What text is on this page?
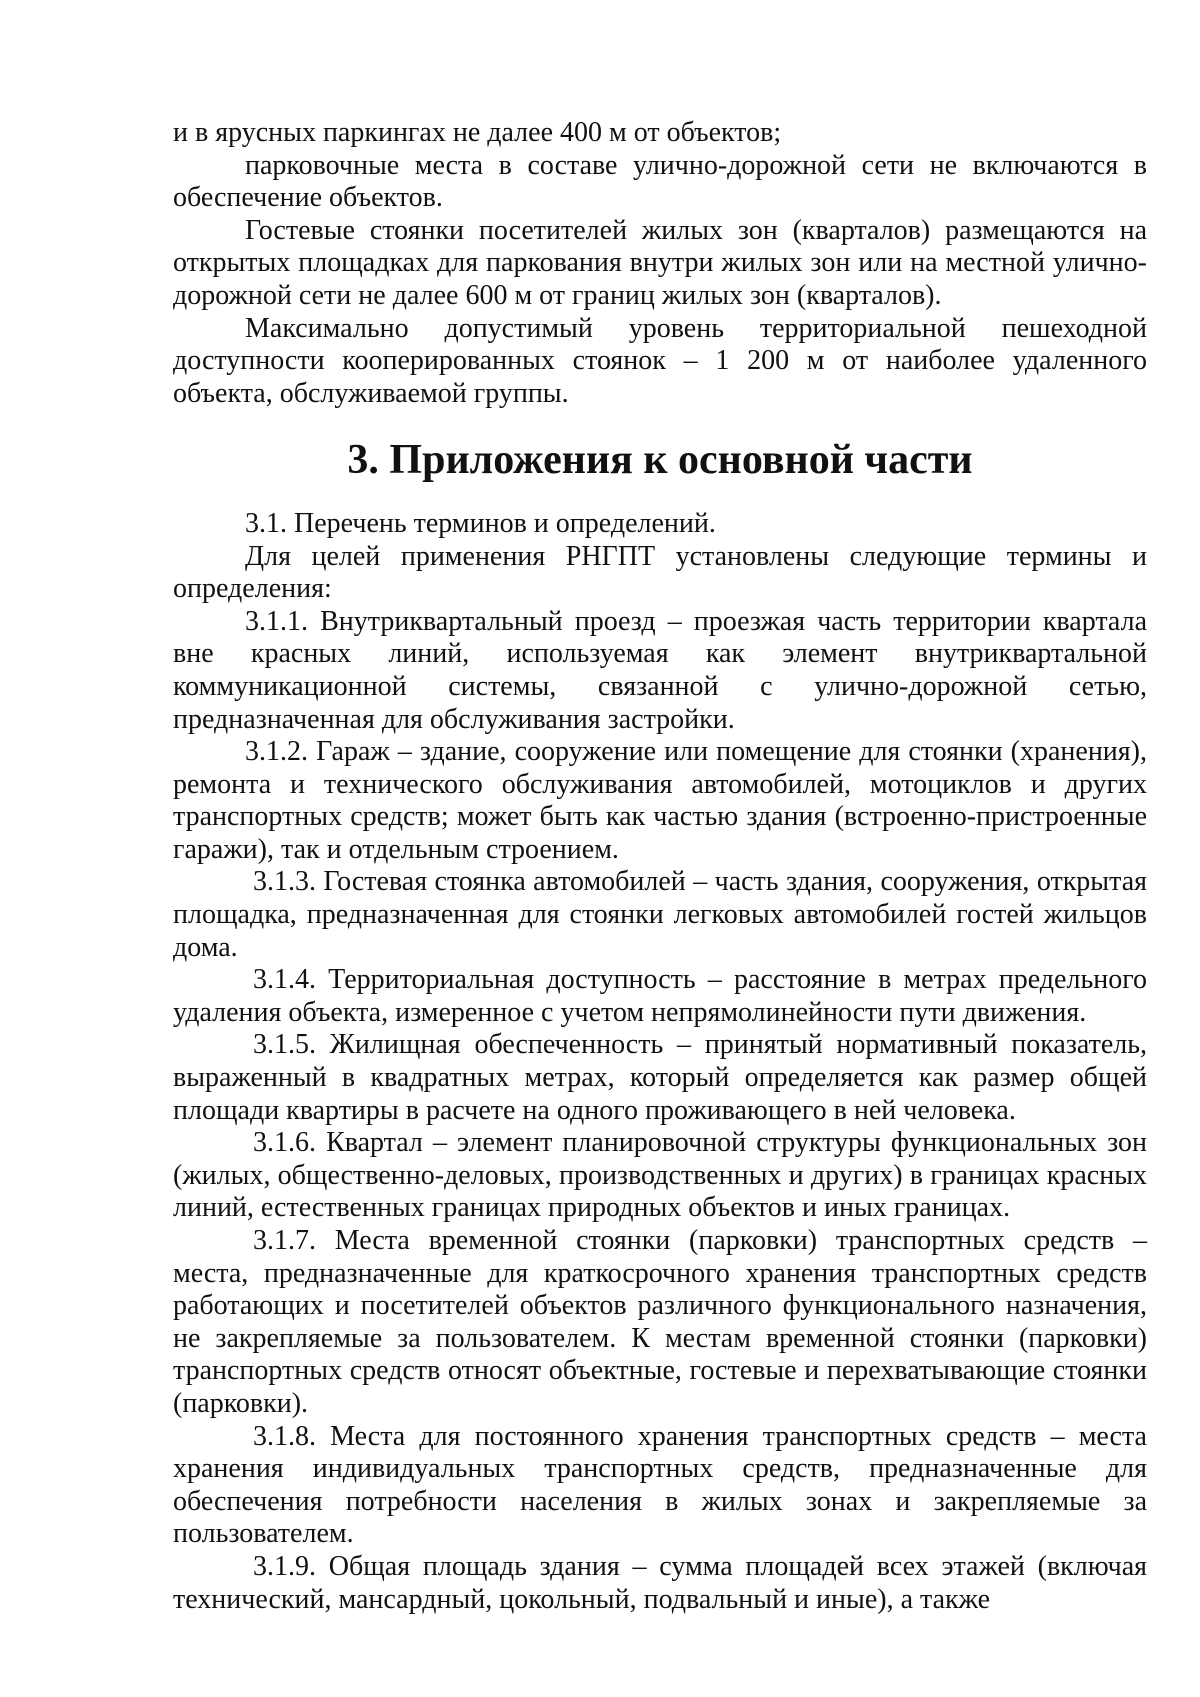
и в ярусных паркингах не далее 400 м от объектов;

парковочные места в составе улично-дорожной сети не включаются в обеспечение объектов.

Гостевые стоянки посетителей жилых зон (кварталов) размещаются на открытых площадках для паркования внутри жилых зон или на местной улично-дорожной сети не далее 600 м от границ жилых зон (кварталов).

Максимально допустимый уровень территориальной пешеходной доступности кооперированных стоянок – 1 200 м от наиболее удаленного объекта, обслуживаемой группы.

3. Приложения к основной части

3.1. Перечень терминов и определений.

Для целей применения РНГПТ установлены следующие термины и определения:

3.1.1. Внутриквартальный проезд – проезжая часть территории квартала вне красных линий, используемая как элемент внутриквартальной коммуникационной системы, связанной с улично-дорожной сетью, предназначенная для обслуживания застройки.

3.1.2. Гараж – здание, сооружение или помещение для стоянки (хранения), ремонта и технического обслуживания автомобилей, мотоциклов и других транспортных средств; может быть как частью здания (встроенно-пристроенные гаражи), так и отдельным строением.

3.1.3. Гостевая стоянка автомобилей – часть здания, сооружения, открытая площадка, предназначенная для стоянки легковых автомобилей гостей жильцов дома.

3.1.4. Территориальная доступность – расстояние в метрах предельного удаления объекта, измеренное с учетом непрямолинейности пути движения.

3.1.5. Жилищная обеспеченность – принятый нормативный показатель, выраженный в квадратных метрах, который определяется как размер общей площади квартиры в расчете на одного проживающего в ней человека.

3.1.6. Квартал – элемент планировочной структуры функциональных зон (жилых, общественно-деловых, производственных и других) в границах красных линий, естественных границах природных объектов и иных границах.

3.1.7. Места временной стоянки (парковки) транспортных средств – места, предназначенные для краткосрочного хранения транспортных средств работающих и посетителей объектов различного функционального назначения, не закрепляемые за пользователем. К местам временной стоянки (парковки) транспортных средств относят объектные, гостевые и перехватывающие стоянки (парковки).

3.1.8. Места для постоянного хранения транспортных средств – места хранения индивидуальных транспортных средств, предназначенные для обеспечения потребности населения в жилых зонах и закрепляемые за пользователем.

3.1.9. Общая площадь здания – сумма площадей всех этажей (включая технический, мансардный, цокольный, подвальный и иные), а также
